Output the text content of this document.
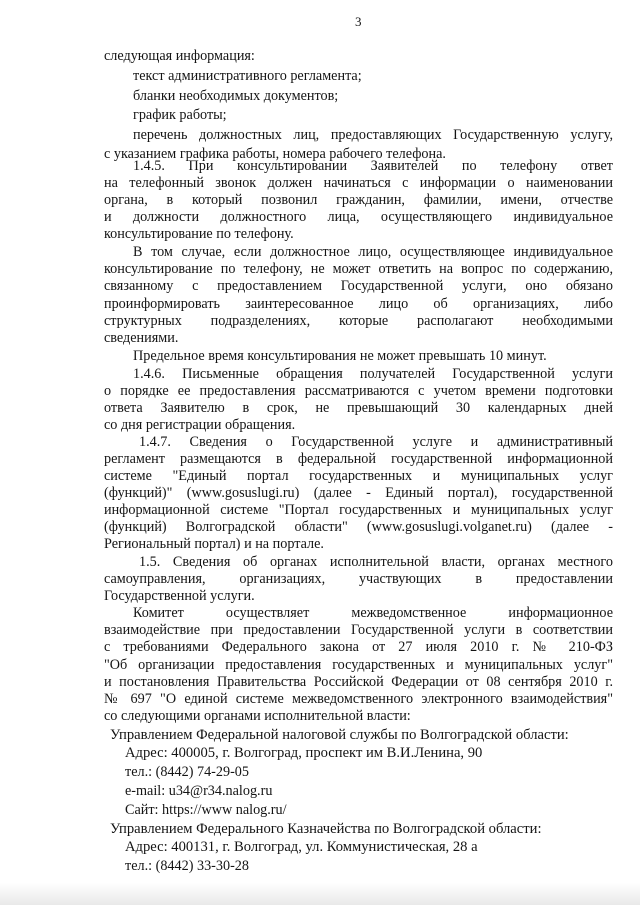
3
следующая информация:
текст административного регламента;
бланки необходимых документов;
график работы;
перечень должностных лиц, предоставляющих Государственную услугу,
с указанием графика работы, номера рабочего телефона.
1.4.5. При консультировании Заявителей по телефону ответ
на телефонный звонок должен начинаться с информации о наименовании
органа, в который позвонил гражданин, фамилии, имени, отчестве
и должности должностного лица, осуществляющего индивидуальное
консультирование по телефону.
В том случае, если должностное лицо, осуществляющее индивидуальное
консультирование по телефону, не может ответить на вопрос по содержанию,
связанному с предоставлением Государственной услуги, оно обязано
проинформировать заинтересованное лицо об организациях, либо
структурных подразделениях, которые располагают необходимыми
сведениями.
Предельное время консультирования не может превышать 10 минут.
1.4.6. Письменные обращения получателей Государственной услуги
о порядке ее предоставления рассматриваются с учетом времени подготовки
ответа Заявителю в срок, не превышающий 30 календарных дней
со дня регистрации обращения.
1.4.7. Сведения о Государственной услуге и административный
регламент размещаются в федеральной государственной информационной
системе "Единый портал государственных и муниципальных услуг
(функций)" (www.gosuslugi.ru) (далее - Единый портал), государственной
информационной системе "Портал государственных и муниципальных услуг
(функций) Волгоградской области" (www.gosuslugi.volganet.ru) (далее -
Региональный портал) и на портале.
1.5. Сведения об органах исполнительной власти, органах местного
самоуправления, организациях, участвующих в предоставлении
Государственной услуги.
Комитет осуществляет межведомственное информационное
взаимодействие при предоставлении Государственной услуги в соответствии
с требованиями Федерального закона от 27 июля 2010 г. № 210-ФЗ
"Об организации предоставления государственных и муниципальных услуг"
и постановления Правительства Российской Федерации от 08 сентября 2010 г.
№ 697 "О единой системе межведомственного электронного взаимодействия"
со следующими органами исполнительной власти:
Управлением Федеральной налоговой службы по Волгоградской области:
Адрес: 400005, г. Волгоград, проспект им В.И.Ленина, 90
тел.: (8442) 74-29-05
e-mail: u34@r34.nalog.ru
Сайт: https://www nalog.ru/
Управлением Федерального Казначейства по Волгоградской области:
Адрес: 400131, г. Волгоград, ул. Коммунистическая, 28 а
тел.: (8442) 33-30-28
